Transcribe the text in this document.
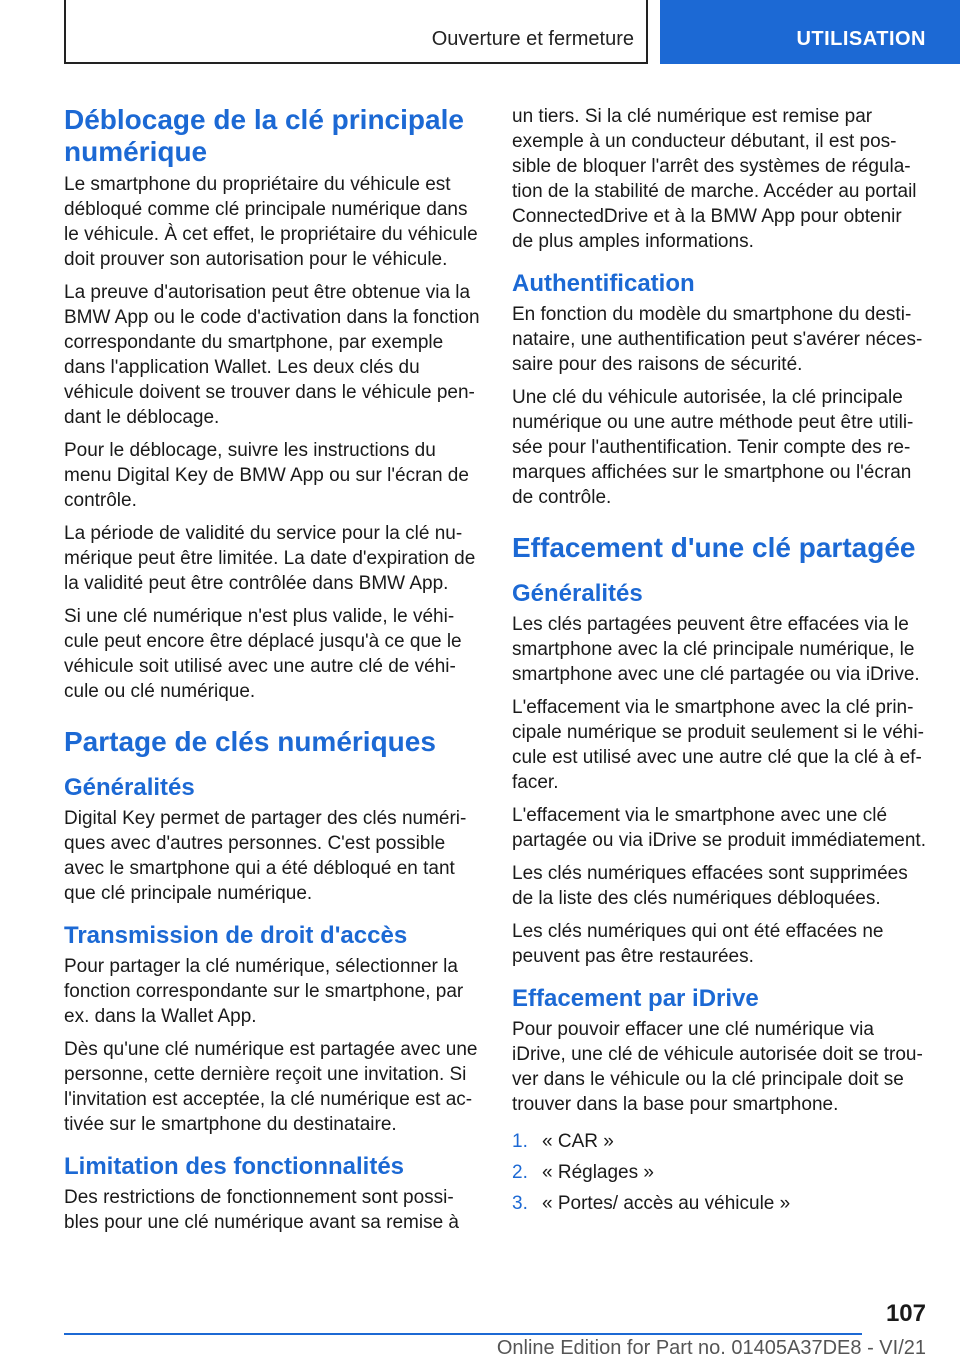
Ouverture et fermeture	UTILISATION
Déblocage de la clé principale numérique

Le smartphone du propriétaire du véhicule est débloqué comme clé principale numérique dans le véhicule. À cet effet, le propriétaire du véhicule doit prouver son autorisation pour le véhicule.

La preuve d'autorisation peut être obtenue via la BMW App ou le code d'activation dans la fonction correspondante du smartphone, par exemple dans l'application Wallet. Les deux clés du véhicule doivent se trouver dans le véhicule pendant le déblocage.

Pour le déblocage, suivre les instructions du menu Digital Key de BMW App ou sur l'écran de contrôle.

La période de validité du service pour la clé numérique peut être limitée. La date d'expiration de la validité peut être contrôlée dans BMW App.

Si une clé numérique n'est plus valide, le véhicule peut encore être déplacé jusqu'à ce que le véhicule soit utilisé avec une autre clé de véhicule ou clé numérique.

Partage de clés numériques
Généralités

Digital Key permet de partager des clés numériques avec d'autres personnes. C'est possible avec le smartphone qui a été débloqué en tant que clé principale numérique.

Transmission de droit d'accès

Pour partager la clé numérique, sélectionner la fonction correspondante sur le smartphone, par ex. dans la Wallet App.

Dès qu'une clé numérique est partagée avec une personne, cette dernière reçoit une invitation. Si l'invitation est acceptée, la clé numérique est activée sur le smartphone du destinataire.

Limitation des fonctionnalités

Des restrictions de fonctionnement sont possibles pour une clé numérique avant sa remise à

un tiers. Si la clé numérique est remise par exemple à un conducteur débutant, il est possible de bloquer l'arrêt des systèmes de régulation de la stabilité de marche. Accéder au portail ConnectedDrive et à la BMW App pour obtenir de plus amples informations.

Authentification

En fonction du modèle du smartphone du destinataire, une authentification peut s'avérer nécessaire pour des raisons de sécurité.

Une clé du véhicule autorisée, la clé principale numérique ou une autre méthode peut être utilisée pour l'authentification. Tenir compte des remarques affichées sur le smartphone ou l'écran de contrôle.

Effacement d'une clé partagée
Généralités

Les clés partagées peuvent être effacées via le smartphone avec la clé principale numérique, le smartphone avec une clé partagée ou via iDrive.

L'effacement via le smartphone avec la clé principale numérique se produit seulement si le véhicule est utilisé avec une autre clé que la clé à effacer.

L'effacement via le smartphone avec une clé partagée ou via iDrive se produit immédiatement.

Les clés numériques effacées sont supprimées de la liste des clés numériques débloquées.

Les clés numériques qui ont été effacées ne peuvent pas être restaurées.

Effacement par iDrive

Pour pouvoir effacer une clé numérique via iDrive, une clé de véhicule autorisée doit se trouver dans le véhicule ou la clé principale doit se trouver dans la base pour smartphone.

1. « CAR »
2. « Réglages »
3. « Portes/ accès au véhicule »
107
Online Edition for Part no. 01405A37DE8 - VI/21
